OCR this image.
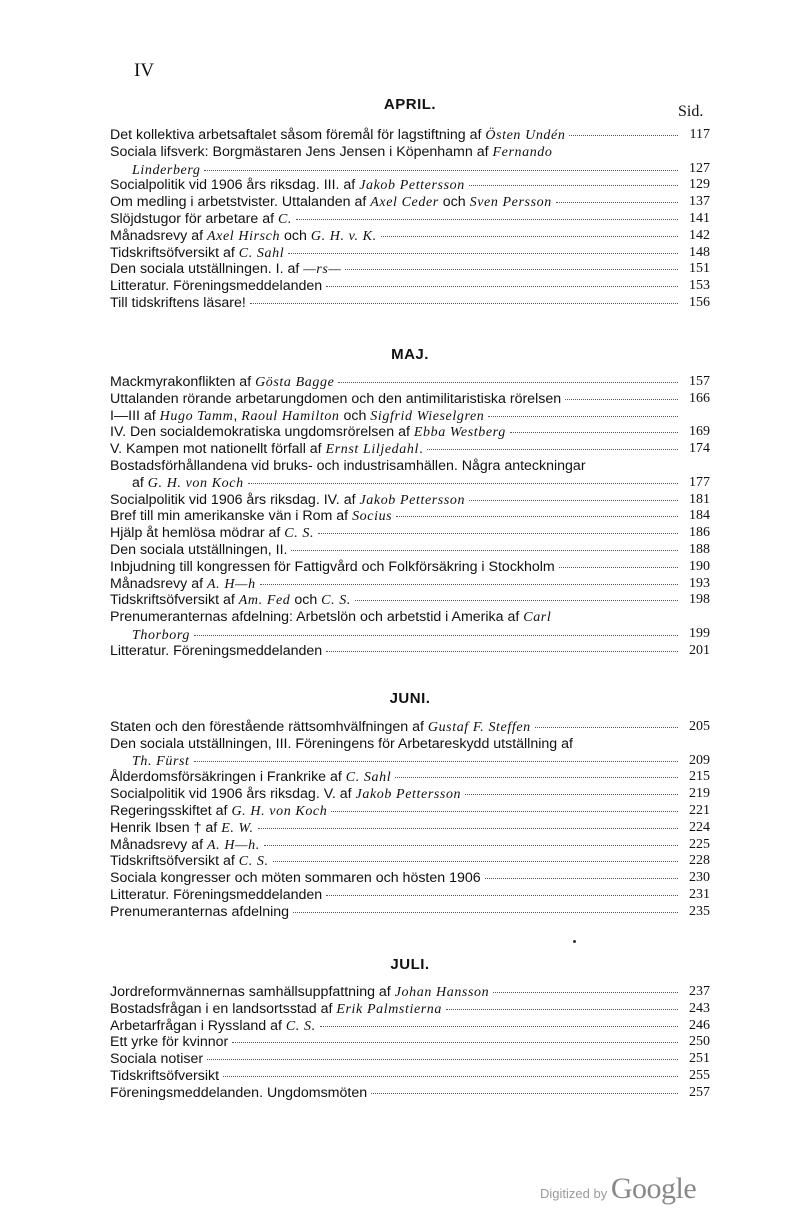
IV
Sid.
APRIL.
Det kollektiva arbetsaftalet såsom föremål för lagstiftning af Östen Undén	117
Sociala lifsverk: Borgmästaren Jens Jensen i Köpenhamn af Fernando
Linderberg	127
Socialpolitik vid 1906 års riksdag. III. af Jakob Pettersson	129
Om medling i arbetstvister. Uttalanden af Axel Ceder och Sven Persson	137
Slöjdstugor för arbetare af C.	141
Månadsrevy af Axel Hirsch och G. H. v. K.	142
Tidskriftsöfversikt af C. Sahl	148
Den sociala utställningen. I. af —rs—	151
Litteratur. Föreningsmeddelanden	153
Till tidskriftens läsare!	156
MAJ.
Mackmyrakonflikten af Gösta Bagge	157
Uttalanden rörande arbetarungdomen och den antimilitaristiska rörelsen	166
I—III af Hugo Tamm, Raoul Hamilton och Sigfrid Wieselgren
IV. Den socialdemokratiska ungdomsrörelsen af Ebba Westberg	169
V. Kampen mot nationellt förfall af Ernst Liljedahl.	174
Bostadsförhållandena vid bruks- och industrisamhällen. Några anteckningar
af G. H. von Koch	177
Socialpolitik vid 1906 års riksdag. IV. af Jakob Pettersson	181
Bref till min amerikanske vän i Rom af Socius	184
Hjälp åt hemlösa mödrar af C. S.	186
Den sociala utställningen, II.	188
Inbjudning till kongressen för Fattigvård och Folkförsäkring i Stockholm	190
Månadsrevy af A. H—h	193
Tidskriftsöfversikt af Am. Fed och C. S.	198
Prenumeranternas afdelning: Arbetslön och arbetstid i Amerika af Carl
Thorborg	199
Litteratur. Föreningsmeddelanden	201
JUNI.
Staten och den förestående rättsomhvälfningen af Gustaf F. Steffen	205
Den sociala utställningen, III. Föreningens för Arbetareskydd utställning af
Th. Fürst	209
Ålderdomsförsäkringen i Frankrike af C. Sahl	215
Socialpolitik vid 1906 års riksdag. V. af Jakob Pettersson	219
Regeringsskiftet af G. H. von Koch	221
Henrik Ibsen † af E. W.	224
Månadsrevy af A. H—h.	225
Tidskriftsöfversikt af C. S.	228
Sociala kongresser och möten sommaren och hösten 1906	230
Litteratur. Föreningsmeddelanden	231
Prenumeranternas afdelning	235
JULI.
Jordreformvännernas samhällsuppfattning af Johan Hansson	237
Bostadsfrågan i en landsortsstad af Erik Palmstierna	243
Arbetarfrågan i Ryssland af C. S.	246
Ett yrke för kvinnor	250
Sociala notiser	251
Tidskriftsöfversikt	255
Föreningsmeddelanden. Ungdomsmöten	257
Digitized by Google
